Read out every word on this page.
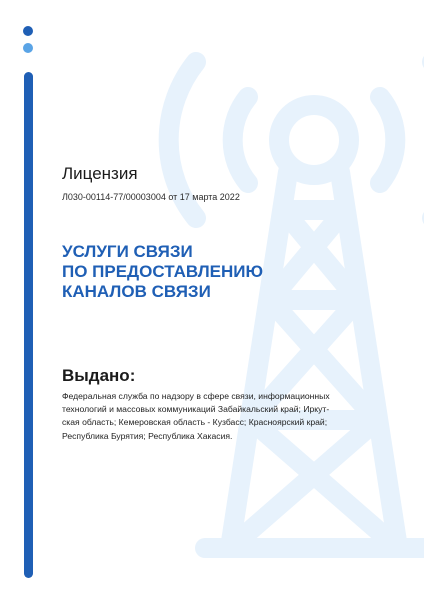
Лицензия
Л030-00114-77/00003004 от 17 марта 2022
УСЛУГИ СВЯЗИ
ПО ПРЕДОСТАВЛЕНИЮ
КАНАЛОВ СВЯЗИ
Выдано:
Федеральная служба по надзору в сфере связи, информационных
технологий и массовых коммуникаций Забайкальский край; Иркут-
ская область; Кемеровская область - Кузбасс; Красноярский край;
Республика Бурятия; Республика Хакасия.
